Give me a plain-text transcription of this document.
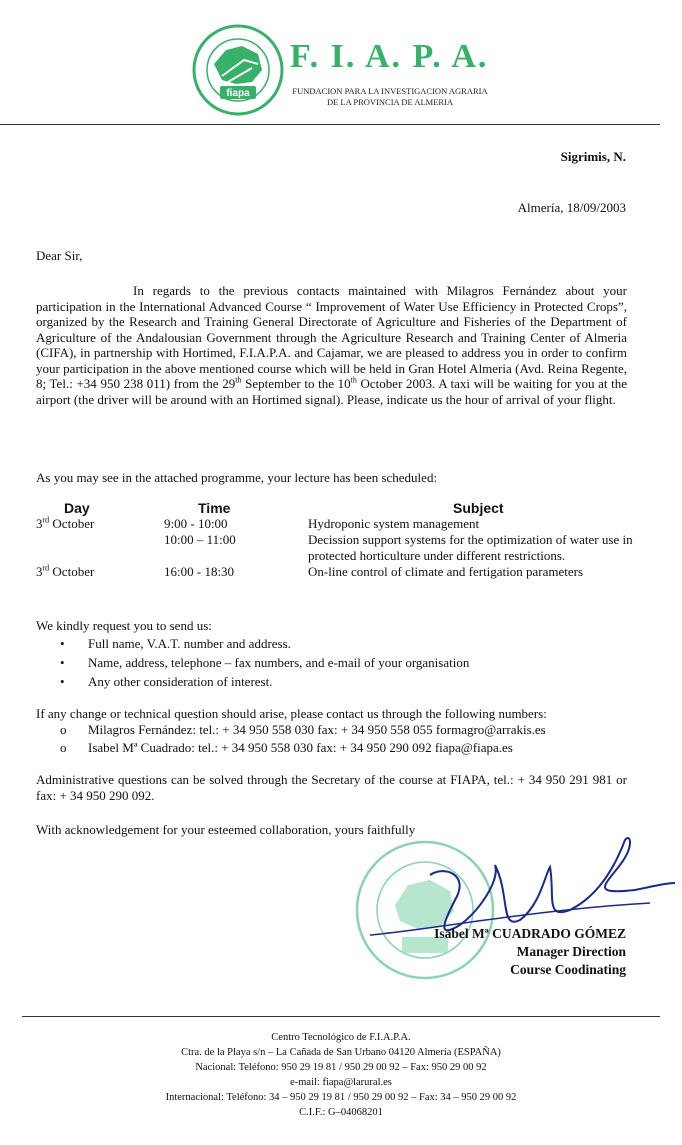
fiapa
F. I. A. P. A.
FUNDACION PARA LA INVESTIGACION AGRARIA
DE LA PROVINCIA DE ALMERIA
Sigrimis, N.
Almería, 18/09/2003
Dear Sir,
In regards to the previous contacts maintained with Milagros Fernández about your participation in the International Advanced Course “ Improvement of Water Use Efficiency in Protected Crops”, organized by the Research and Training General Directorate of Agriculture and Fisheries of the Department of Agriculture of the Andalousian Government through the Agriculture Research and Training Center of Almeria (CIFA), in partnership with Hortimed, F.I.A.P.A. and Cajamar, we are pleased to address you in order to confirm your participation in the above mentioned course which will be held in Gran Hotel Almeria (Avd. Reina Regente, 8; Tel.: +34 950 238 011) from the 29th September to the 10th October 2003. A taxi will be waiting for you at the airport (the driver will be around with an Hortimed signal). Please, indicate us the hour of arrival of your flight.
As you may see in the attached programme, your lecture has been scheduled:
Day	Time	Subject
3rd October	9:00 - 10:00	Hydroponic system management
	10:00 – 11:00	Decission support systems for the optimization of water use in protected horticulture under different restrictions.
3rd October	16:00 - 18:30	On-line control of climate and fertigation parameters
We kindly request you to send us:
•	Full name, V.A.T. number and address.
•	Name, address, telephone – fax numbers, and e-mail of your organisation
•	Any other consideration of interest.
If any change or technical question should arise, please contact us through the following numbers:
o	Milagros Fernández: tel.: + 34 950 558 030 fax: + 34 950 558 055 formagro@arrakis.es
o	Isabel Mª Cuadrado: tel.: + 34 950 558 030 fax: + 34 950 290 092 fiapa@fiapa.es
Administrative questions can be solved through the Secretary of the course at FIAPA, tel.: + 34 950 291 981 or fax: + 34 950 290 092.
With acknowledgement for your esteemed collaboration, yours faithfully
Isabel Mª CUADRADO GÓMEZ
Manager Direction
Course Coodinating
Centro Tecnológico de F.I.A.P.A.
Ctra. de la Playa s/n – La Cañada de San Urbano 04120 Almería (ESPAÑA)
Nacional: Teléfono: 950 29 19 81 / 950 29 00 92 – Fax: 950 29 00 92
e-mail: fiapa@larural.es
Internacional: Teléfono: 34 – 950 29 19 81 / 950 29 00 92 – Fax: 34 – 950 29 00 92
C.I.F.: G–04068201
